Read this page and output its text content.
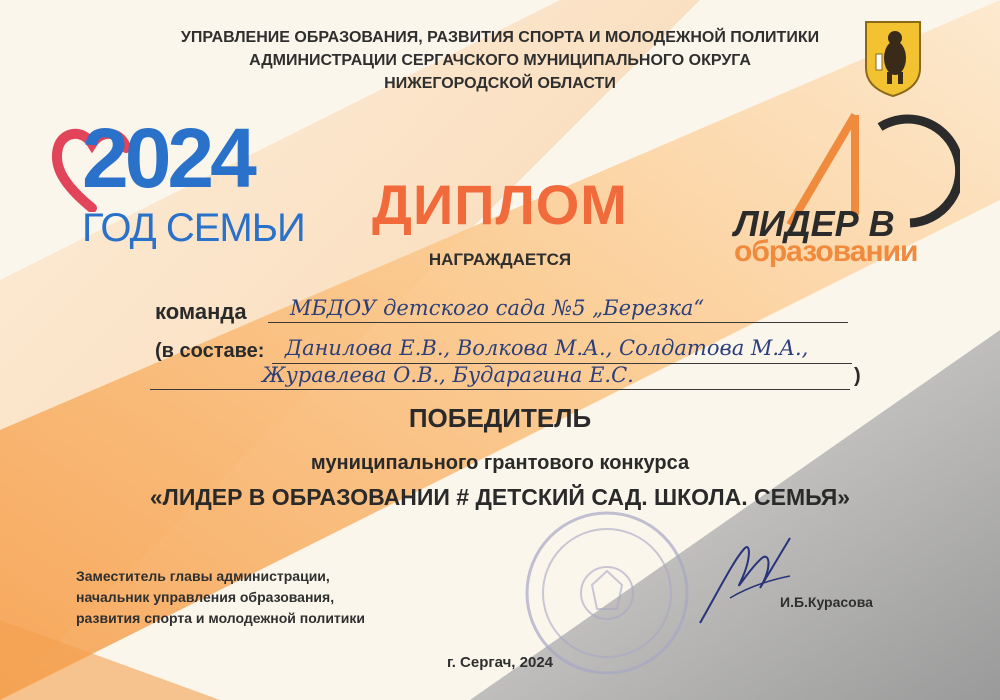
УПРАВЛЕНИЕ ОБРАЗОВАНИЯ, РАЗВИТИЯ СПОРТА И МОЛОДЕЖНОЙ ПОЛИТИКИ
АДМИНИСТРАЦИИ СЕРГАЧСКОГО МУНИЦИПАЛЬНОГО ОКРУГА
НИЖЕГОРОДСКОЙ ОБЛАСТИ
2024
ГОД СЕМЬИ	ЛИДЕР В
образовании
ДИПЛОМ
НАГРАЖДАЕТСЯ
команда МБДОУ детского сада №5 „Березка“
(в составе: Данилова Е.В., Волкова М.А., Солдатова М.А.,
Журавлева О.В., Бударагина Е.С.	)
ПОБЕДИТЕЛЬ
муниципального грантового конкурса
«ЛИДЕР В ОБРАЗОВАНИИ # ДЕТСКИЙ САД. ШКОЛА. СЕМЬЯ»
Заместитель главы администрации,
начальник управления образования,
развития спорта и молодежной политики
И.Б.Курасова
г. Сергач, 2024
